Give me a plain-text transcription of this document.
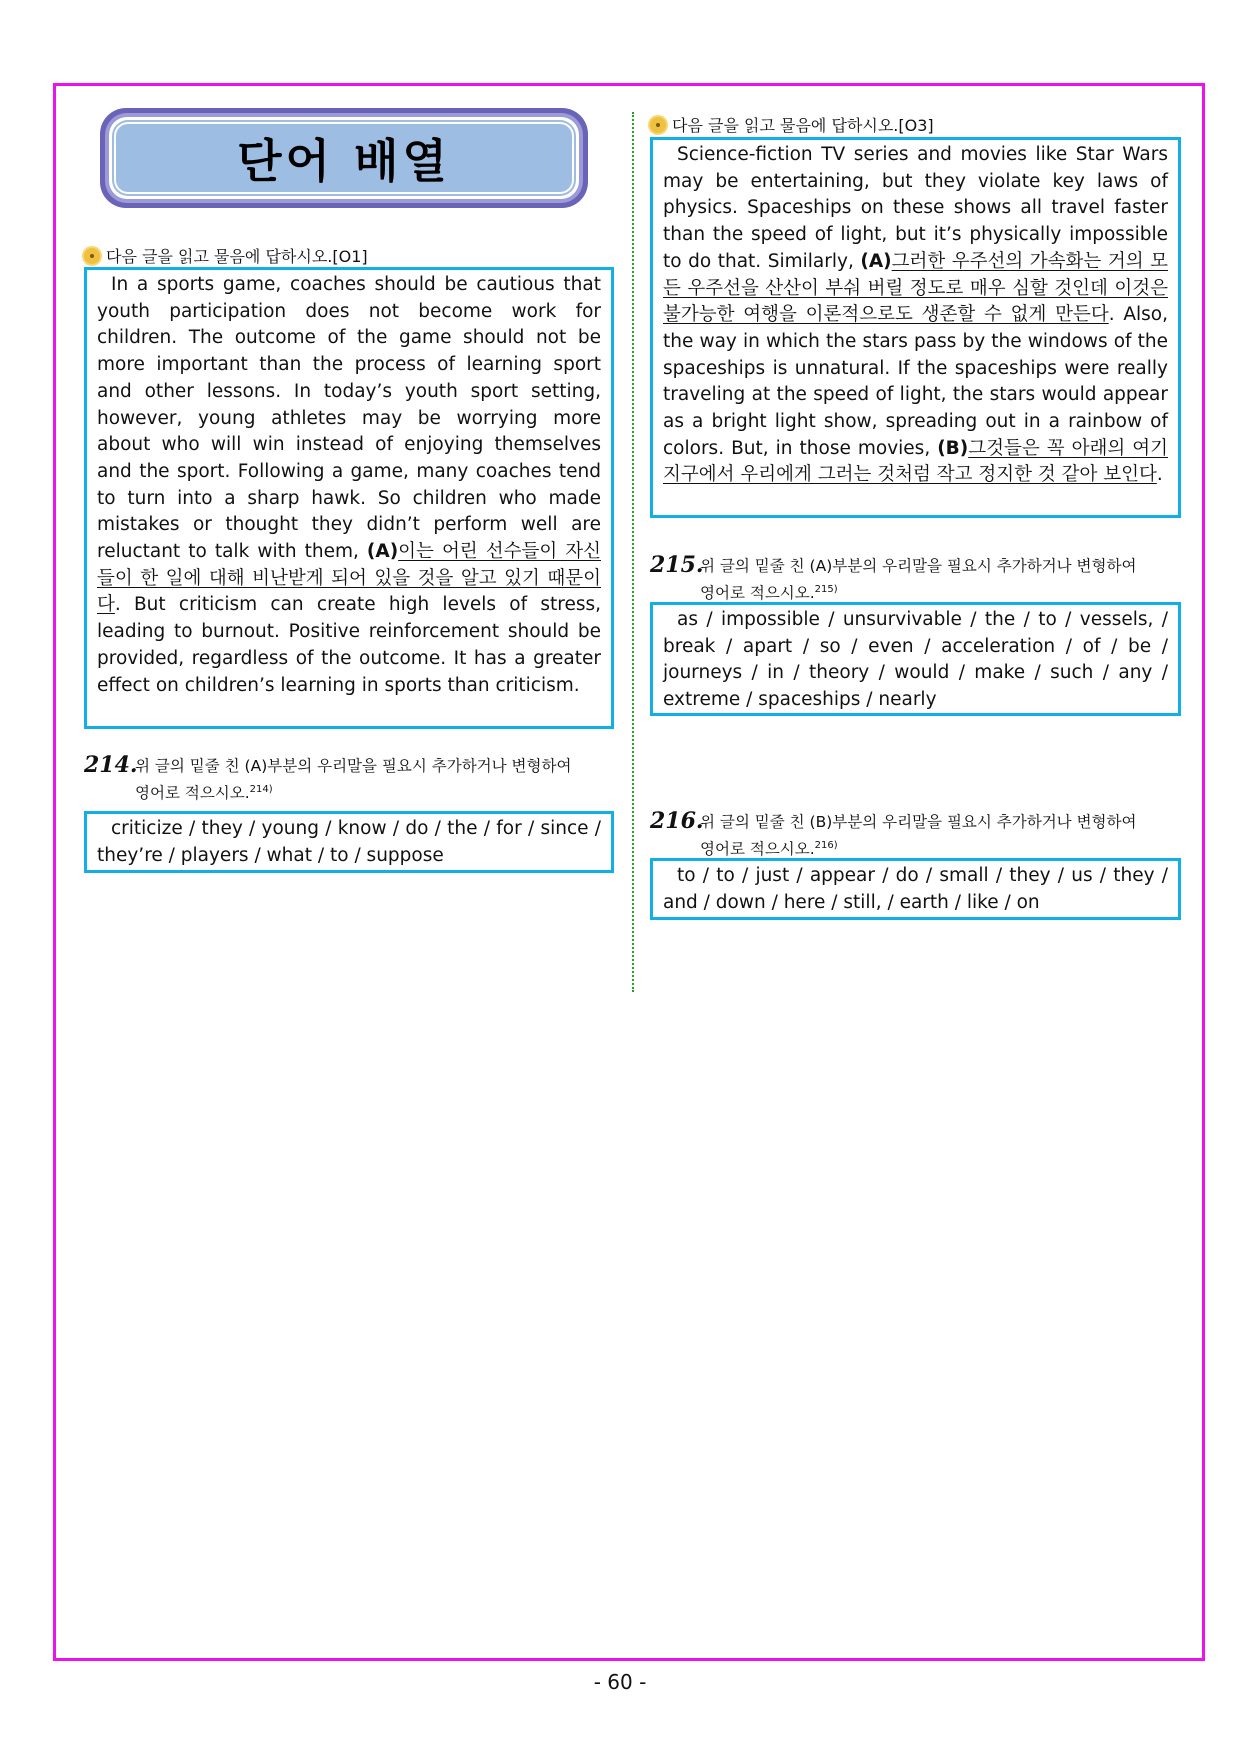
단어 배열
다음 글을 읽고 물음에 답하시오.[O1]

In a sports game, coaches should be cautious that youth participation does not become work for children. The outcome of the game should not be more important than the process of learning sport and other lessons. In today’s youth sport setting, however, young athletes may be worrying more about who will win instead of enjoying themselves and the sport. Following a game, many coaches tend to turn into a sharp hawk. So children who made mistakes or thought they didn’t perform well are reluctant to talk with them, (A)이는 어린 선수들이 자신들이 한 일에 대해 비난받게 되어 있을 것을 알고 있기 때문이다. But criticism can create high levels of stress, leading to burnout. Positive reinforcement should be provided, regardless of the outcome. It has a greater effect on children’s learning in sports than criticism.

214.
위 글의 밑줄 친 (A)부분의 우리말을 필요시 추가하거나 변형하여
영어로 적으시오.$^{214)}$

criticize / they / young / know / do / the / for / since / they’re / players / what / to / suppose

다음 글을 읽고 물음에 답하시오.[O3]

Science-fiction TV series and movies like Star Wars may be entertaining, but they violate key laws of physics. Spaceships on these shows all travel faster than the speed of light, but it’s physically impossible to do that. Similarly, (A)그러한 우주선의 가속화는 거의 모든 우주선을 산산이 부숴 버릴 정도로 매우 심할 것인데 이것은 불가능한 여행을 이론적으로도 생존할 수 없게 만든다. Also, the way in which the stars pass by the windows of the spaceships is unnatural. If the spaceships were really traveling at the speed of light, the stars would appear as a bright light show, spreading out in a rainbow of colors. But, in those movies, (B)그것들은 꼭 아래의 여기 지구에서 우리에게 그러는 것처럼 작고 정지한 것 같아 보인다.

215.
위 글의 밑줄 친 (A)부분의 우리말을 필요시 추가하거나 변형하여
영어로 적으시오.$^{215)}$

as / impossible / unsurvivable / the / to / vessels, / break / apart / so / even / acceleration / of / be / journeys / in / theory / would / make / such / any / extreme / spaceships / nearly

216.
위 글의 밑줄 친 (B)부분의 우리말을 필요시 추가하거나 변형하여
영어로 적으시오.$^{216)}$

to / to / just / appear / do / small / they / us / they / and / down / here / still, / earth / like / on

- 60 -
